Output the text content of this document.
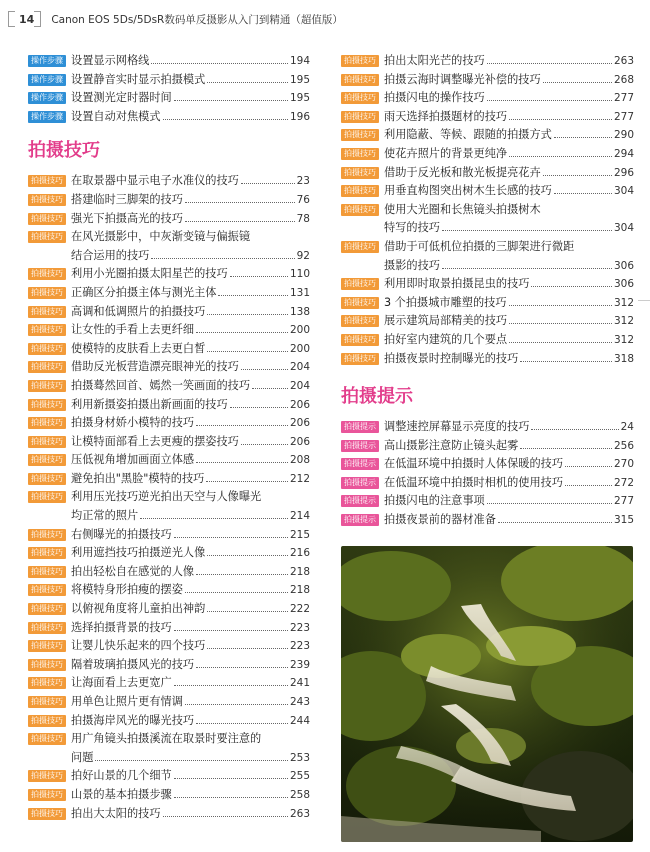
14 Canon EOS 5Ds/5DsR数码单反摄影从入门到精通（超值版）
操作步骤 设置显示网格线	194
操作步骤 设置静音实时显示拍摄模式	195
操作步骤 设置测光定时器时间	195
操作步骤 设置自动对焦模式	196
拍摄技巧
拍摄技巧 在取景器中显示电子水准仪的技巧	23
拍摄技巧 搭建临时三脚架的技巧	76
拍摄技巧 强光下拍摄高光的技巧	78
拍摄技巧 在风光摄影中，中灰渐变镜与偏振镜
结合运用的技巧	92
拍摄技巧 利用小光圈拍摄太阳星芒的技巧	110
拍摄技巧 正确区分拍摄主体与测光主体	131
拍摄技巧 高调和低调照片的拍摄技巧	138
拍摄技巧 让女性的手看上去更纤细	200
拍摄技巧 使模特的皮肤看上去更白皙	200
拍摄技巧 借助反光板营造漂亮眼神光的技巧	204
拍摄技巧 拍摄蓦然回首、嫣然一笑画面的技巧	204
拍摄技巧 利用新摄姿拍摄出新画面的技巧	206
拍摄技巧 拍摄身材娇小模特的技巧	206
拍摄技巧 让模特面部看上去更瘦的摆姿技巧	206
拍摄技巧 压低视角增加画面立体感	208
拍摄技巧 避免拍出"黑脸"模特的技巧	212
拍摄技巧 利用压光技巧逆光拍出天空与人像曝光
均正常的照片	214
拍摄技巧 右侧曝光的拍摄技巧	215
拍摄技巧 利用遮挡技巧拍摄逆光人像	216
拍摄技巧 拍出轻松自在感觉的人像	218
拍摄技巧 将模特身形拍瘦的摆姿	218
拍摄技巧 以俯视角度将儿童拍出神韵	222
拍摄技巧 选择拍摄背景的技巧	223
拍摄技巧 让婴儿快乐起来的四个技巧	223
拍摄技巧 隔着玻璃拍摄风光的技巧	239
拍摄技巧 让海面看上去更宽广	241
拍摄技巧 用单色让照片更有情调	243
拍摄技巧 拍摄海岸风光的曝光技巧	244
拍摄技巧 用广角镜头拍摄溪流在取景时要注意的
问题	253
拍摄技巧 拍好山景的几个细节	255
拍摄技巧 山景的基本拍摄步骤	258
拍摄技巧 拍出大太阳的技巧	263
拍摄技巧 拍出太阳光芒的技巧	263
拍摄技巧 拍摄云海时调整曝光补偿的技巧	268
拍摄技巧 拍摄闪电的操作技巧	277
拍摄技巧 雨天选择拍摄题材的技巧	277
拍摄技巧 利用隐蔽、等候、跟随的拍摄方式	290
拍摄技巧 使花卉照片的背景更纯净	294
拍摄技巧 借助于反光板和散光板提亮花卉	296
拍摄技巧 用垂直构图突出树木生长感的技巧	304
拍摄技巧 使用大光圈和长焦镜头拍摄树木
特写的技巧	304
拍摄技巧 借助于可低机位拍摄的三脚架进行微距
摄影的技巧	306
拍摄技巧 利用即时取景拍摄昆虫的技巧	306
拍摄技巧 3 个拍摄城市雕塑的技巧	312
拍摄技巧 展示建筑局部精美的技巧	312
拍摄技巧 拍好室内建筑的几个要点	312
拍摄技巧 拍摄夜景时控制曝光的技巧	318
拍摄提示
拍摄提示 调整速控屏幕显示亮度的技巧	24
拍摄提示 高山摄影注意防止镜头起雾	256
拍摄提示 在低温环境中拍摄时人体保暖的技巧	270
拍摄提示 在低温环境中拍摄时相机的使用技巧	272
拍摄提示 拍摄闪电的注意事项	277
拍摄提示 拍摄夜景前的器材准备	315
